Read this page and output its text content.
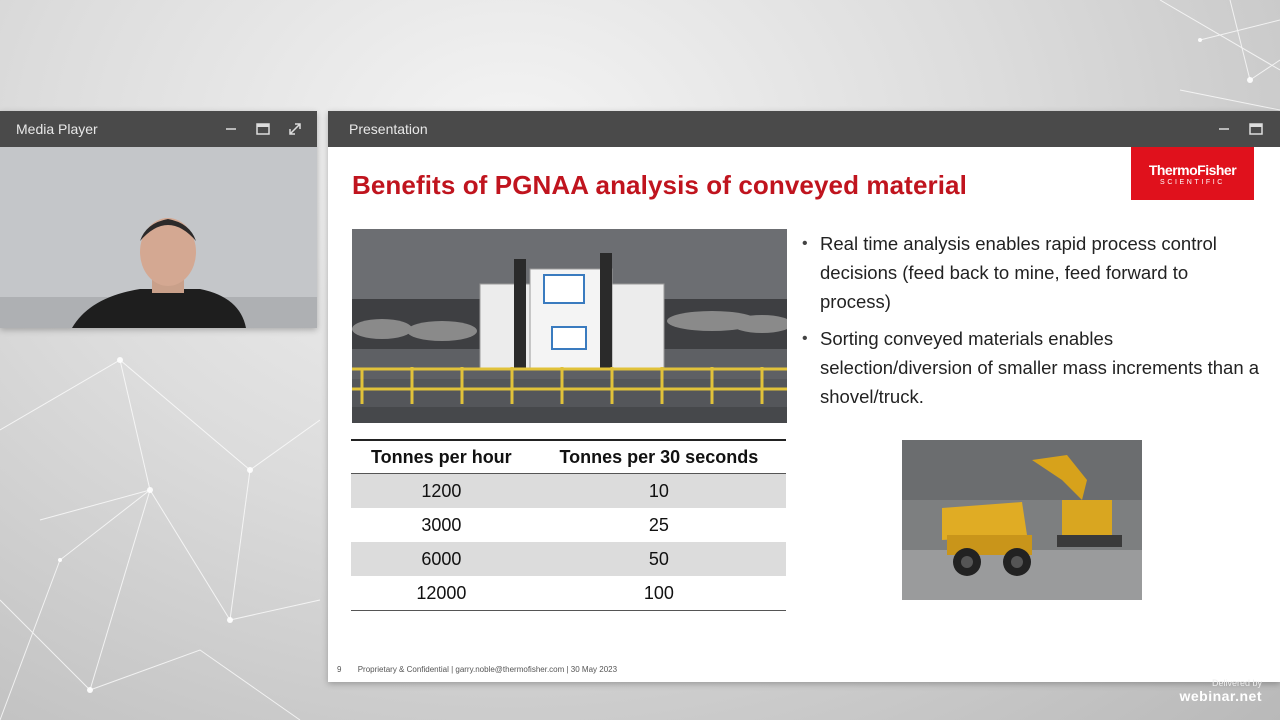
Media Player	Presentation
Benefits of PGNAA analysis of conveyed material
ThermoFisher
SCIENTIFIC
Tonnes per hour	Tonnes per 30 seconds
1200	10
3000	25
6000	50
12000	100
• Real time analysis enables rapid process control decisions (feed back to mine, feed forward to process)
• Sorting conveyed materials enables selection/diversion of smaller mass increments than a shovel/truck.
9 Proprietary & Confidential | garry.noble@thermofisher.com | 30 May 2023
Delivered by
webinar.net
